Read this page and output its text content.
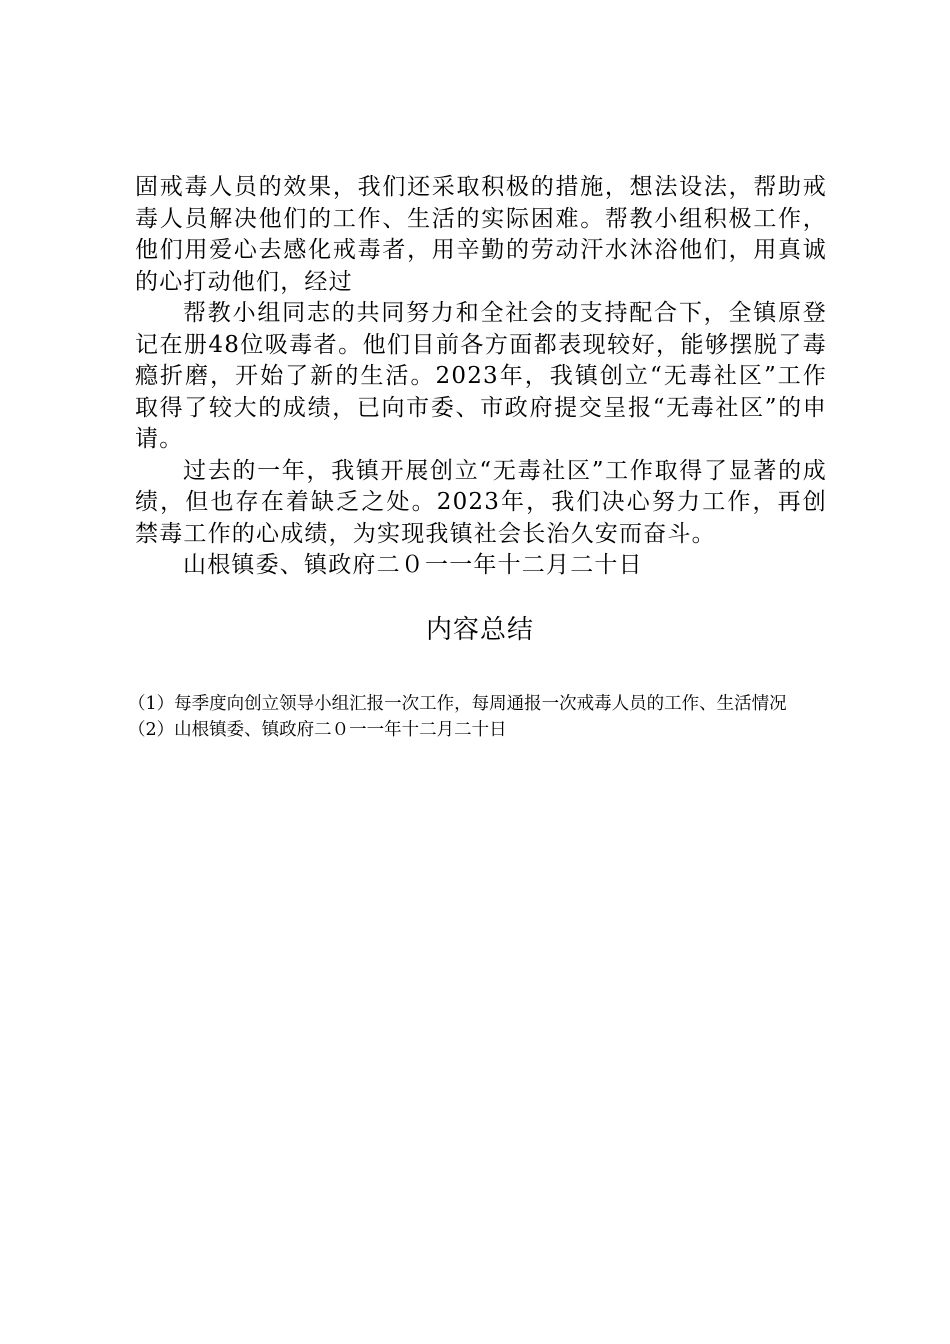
固戒毒人员的效果，我们还采取积极的措施，想法设法，帮助戒毒人员解决他们的工作、生活的实际困难。帮教小组积极工作，他们用爱心去感化戒毒者，用辛勤的劳动汗水沐浴他们，用真诚的心打动他们，经过

帮教小组同志的共同努力和全社会的支持配合下，全镇原登记在册48位吸毒者。他们目前各方面都表现较好，能够摆脱了毒瘾折磨，开始了新的生活。2023年，我镇创立“无毒社区”工作取得了较大的成绩，已向市委、市政府提交呈报“无毒社区”的申请。

过去的一年，我镇开展创立“无毒社区”工作取得了显著的成绩，但也存在着缺乏之处。2023年，我们决心努力工作，再创禁毒工作的心成绩，为实现我镇社会长治久安而奋斗。

山根镇委、镇政府二０一一年十二月二十日

内容总结

（1）每季度向创立领导小组汇报一次工作，每周通报一次戒毒人员的工作、生活情况

（2）山根镇委、镇政府二０一一年十二月二十日
